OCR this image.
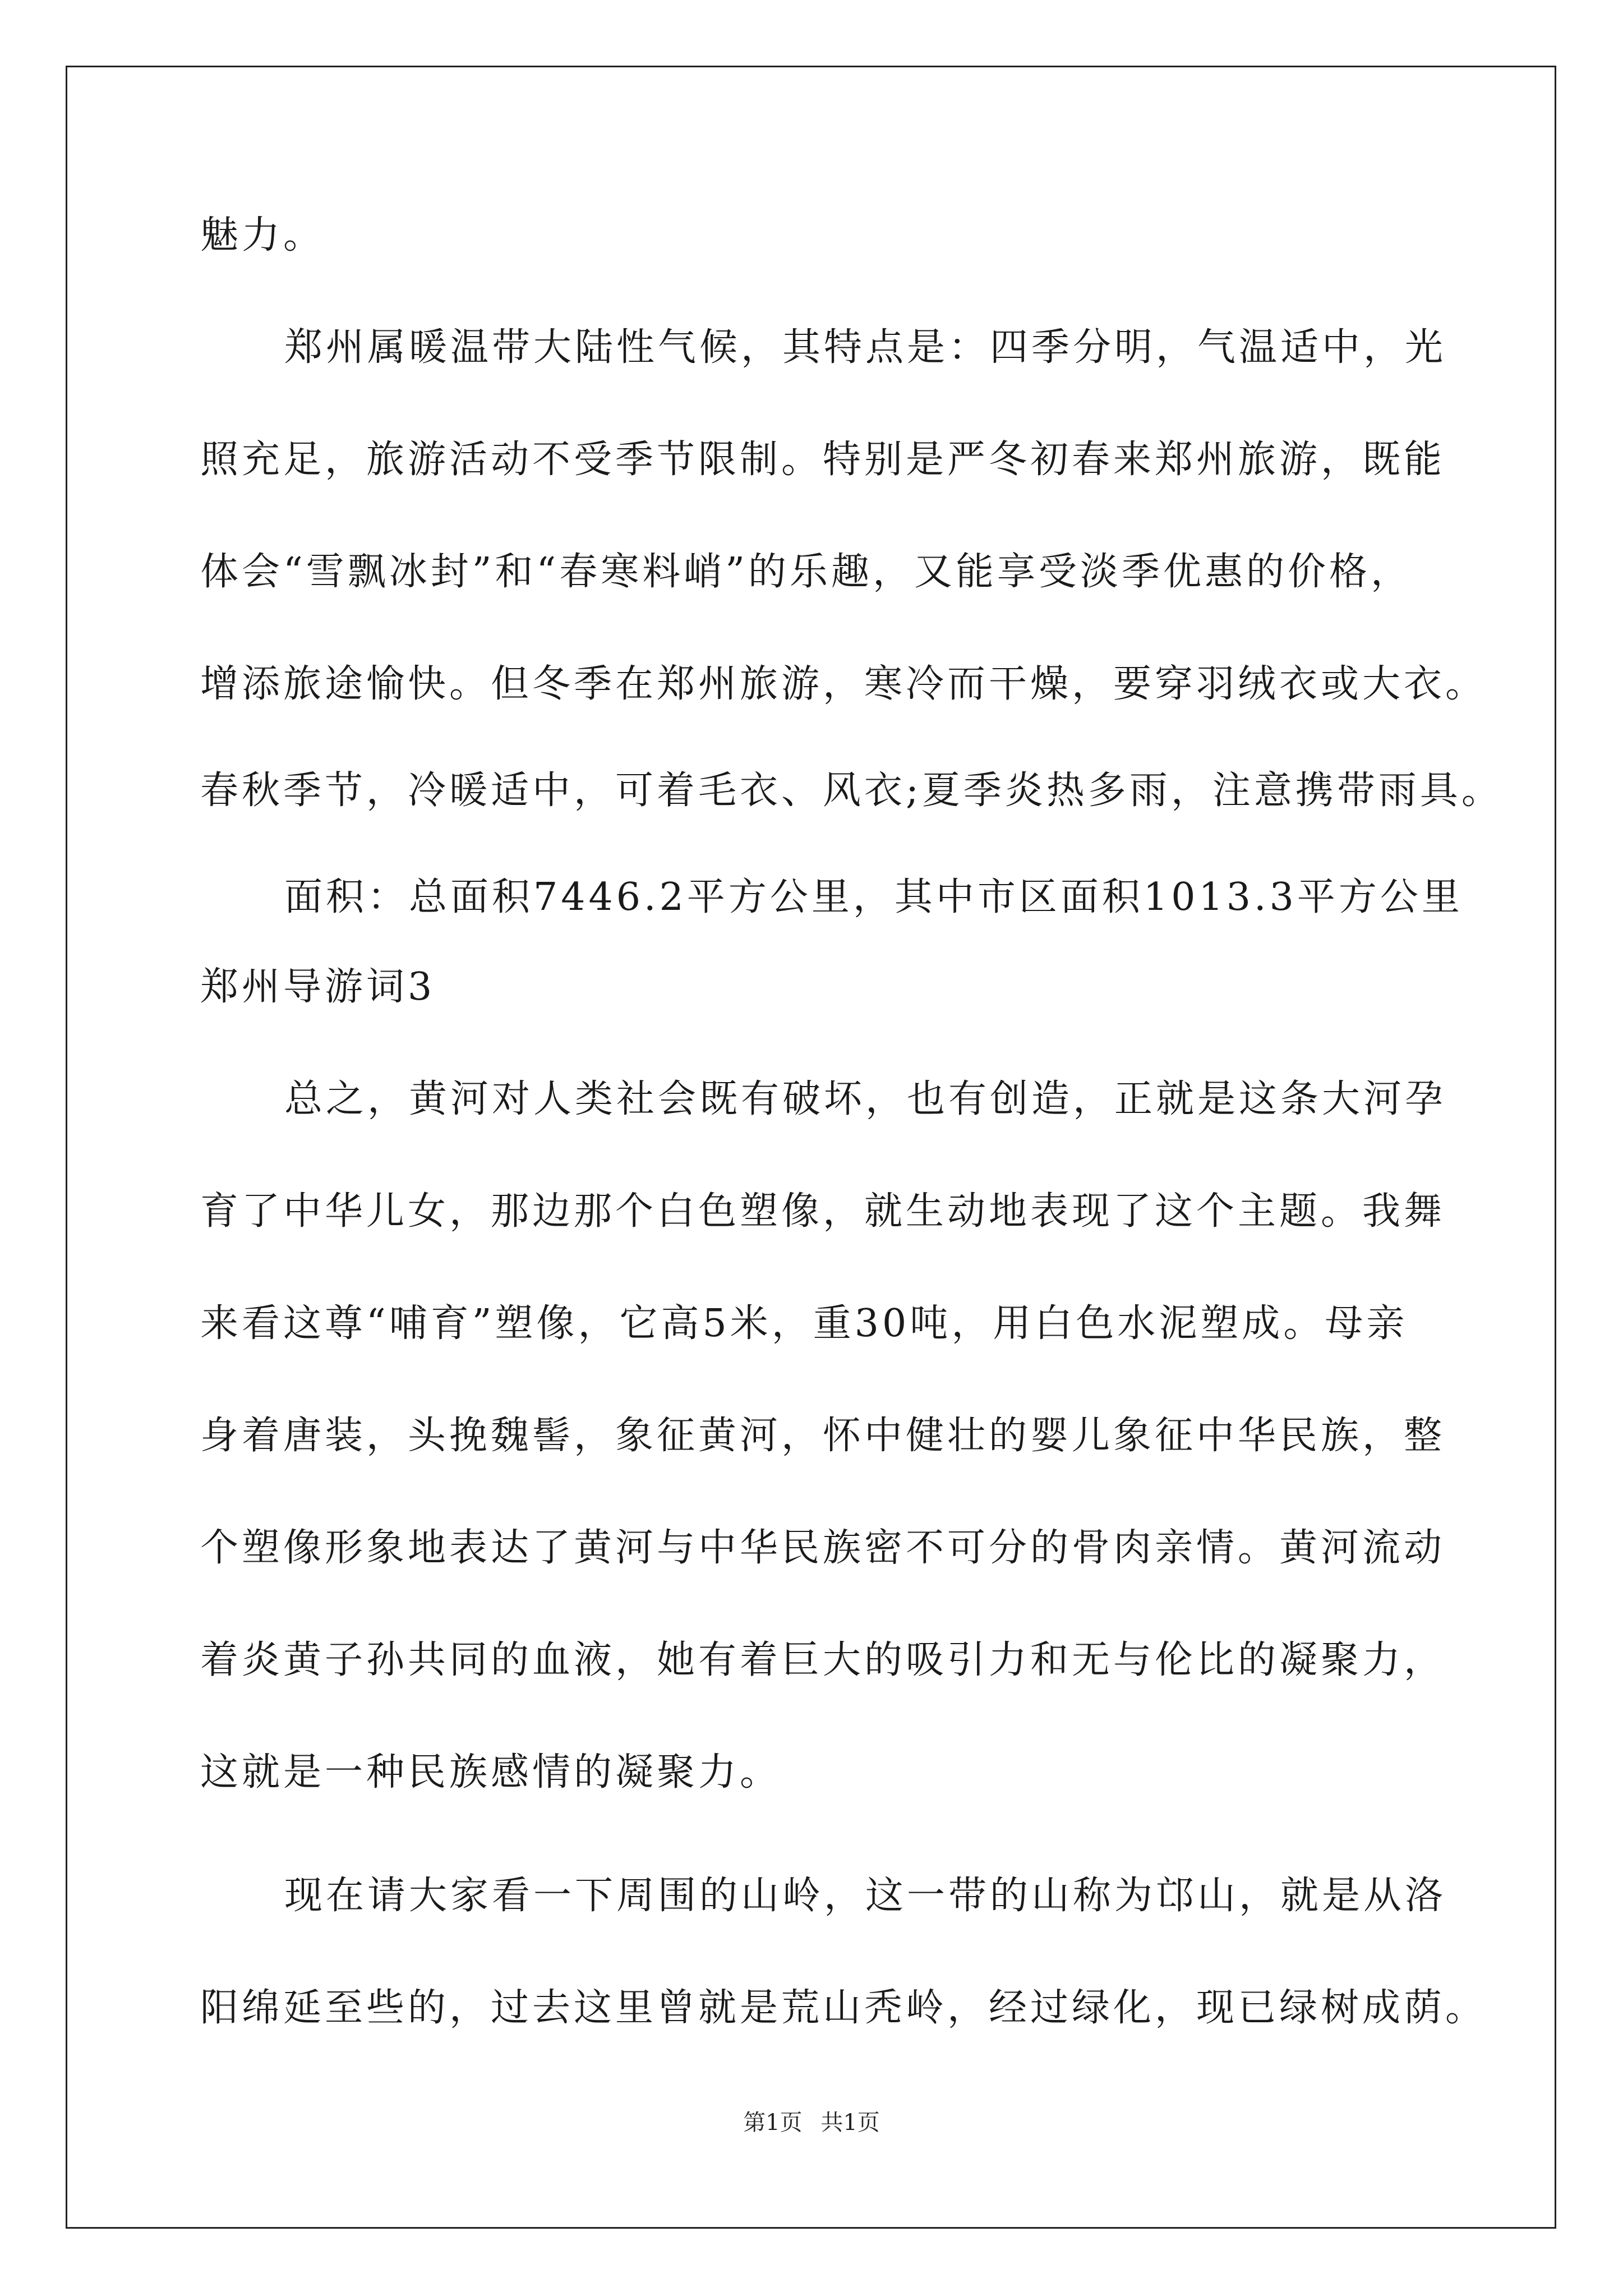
魅力。
郑州属暖温带大陆性气候，其特点是：四季分明，气温适中，光
照充足，旅游活动不受季节限制。特别是严冬初春来郑州旅游，既能
体会“雪飘冰封”和“春寒料峭”的乐趣，又能享受淡季优惠的价格，
增添旅途愉快。但冬季在郑州旅游，寒冷而干燥，要穿羽绒衣或大衣。
春秋季节，冷暖适中，可着毛衣、风衣;夏季炎热多雨，注意携带雨具。
面积：总面积7446.2平方公里，其中市区面积1013.3平方公里
郑州导游词3
总之，黄河对人类社会既有破坏，也有创造，正就是这条大河孕
育了中华儿女，那边那个白色塑像，就生动地表现了这个主题。我舞
来看这尊“哺育”塑像，它高5米，重30吨，用白色水泥塑成。母亲
身着唐装，头挽魏髻，象征黄河，怀中健壮的婴儿象征中华民族，整
个塑像形象地表达了黄河与中华民族密不可分的骨肉亲情。黄河流动
着炎黄子孙共同的血液，她有着巨大的吸引力和无与伦比的凝聚力，
这就是一种民族感情的凝聚力。
现在请大家看一下周围的山岭，这一带的山称为邙山，就是从洛
阳绵延至些的，过去这里曾就是荒山秃岭，经过绿化，现已绿树成荫。
第1页 共1页
